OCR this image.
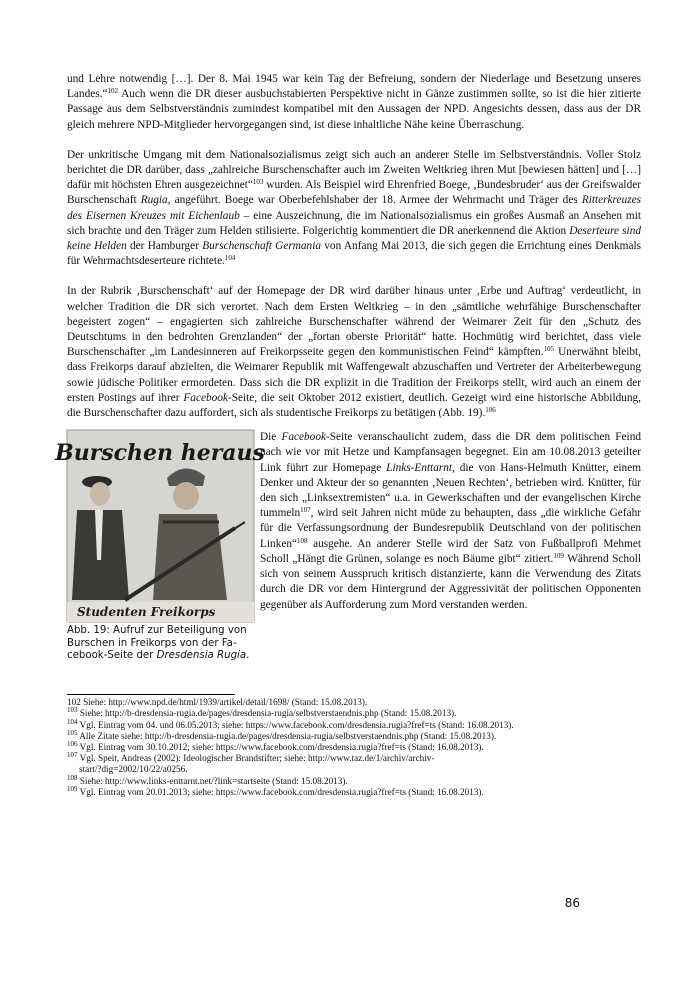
und Lehre notwendig […]. Der 8. Mai 1945 war kein Tag der Befreiung, sondern der Niederlage und Besetzung unseres Landes.“$^{102}$ Auch wenn die DR dieser ausbuchstabierten Perspektive nicht in Gänze zustimmen sollte, so ist die hier zitierte Passage aus dem Selbstverständnis zumindest kompatibel mit den Aussagen der NPD. Angesichts dessen, dass aus der DR gleich mehrere NPD-Mitglieder hervorgegangen sind, ist diese inhaltliche Nähe keine Überraschung.

Der unkritische Umgang mit dem Nationalsozialismus zeigt sich auch an anderer Stelle im Selbstverständnis. Voller Stolz berichtet die DR darüber, dass „zahlreiche Burschenschafter auch im Zweiten Weltkrieg ihren Mut [bewiesen hätten] und […] dafür mit höchsten Ehren ausgezeichnet“$^{103}$ wurden. Als Beispiel wird Ehrenfried Boege, ‚Bundesbruder‘ aus der Greifswalder Burschenschaft Rugia, angeführt. Boege war Oberbefehlshaber der 18. Armee der Wehrmacht und Träger des Ritterkreuzes des Eisernen Kreuzes mit Eichenlaub – eine Auszeichnung, die im Nationalsozialismus ein großes Ausmaß an Ansehen mit sich brachte und den Träger zum Helden stilisierte. Folgerichtig kommentiert die DR anerkennend die Aktion Deserteure sind keine Helden der Hamburger Burschenschaft Germania von Anfang Mai 2013, die sich gegen die Errichtung eines Denkmals für Wehrmachtsdeserteure richtete.$^{104}$

In der Rubrik ‚Burschenschaft‘ auf der Homepage der DR wird darüber hinaus unter ‚Erbe und Auftrag‘ verdeutlicht, in welcher Tradition die DR sich verortet. Nach dem Ersten Weltkrieg – in den „sämtliche wehrfähige Burschenschafter begeistert zogen“ – engagierten sich zahlreiche Burschenschafter während der Weimarer Zeit für den „Schutz des Deutschtums in den bedrohten Grenzlanden“ der „fortan oberste Priorität“ hatte. Hochmütig wird berichtet, dass viele Burschenschafter „im Landesinneren auf Freikorpsseite gegen den kommunistischen Feind“ kämpften.$^{105}$ Unerwähnt bleibt, dass Freikorps darauf abzielten, die Weimarer Republik mit Waffengewalt abzuschaffen und Vertreter der Arbeiterbewegung sowie jüdische Politiker ermordeten. Dass sich die DR explizit in die Tradition der Freikorps stellt, wird auch an einem der ersten Postings auf ihrer Facebook-Seite, die seit Oktober 2012 existiert, deutlich. Gezeigt wird eine historische Abbildung, die Burschenschafter dazu auffordert, sich als studentische Freikorps zu betätigen (Abb. 19).$^{106}$

Burschen heraus
Studenten Freikorps
Abb. 19: Aufruf zur Beteiligung von Burschen in Freikorps von der Facebook-Seite der Dresdensia Rugia.

Die Facebook-Seite veranschaulicht zudem, dass die DR dem politischen Feind nach wie vor mit Hetze und Kampfansagen begegnet. Ein am 10.08.2013 geteilter Link führt zur Homepage Links-Enttarnt, die von Hans-Helmuth Knütter, einem Denker und Akteur der so genannten ‚Neuen Rechten‘, betrieben wird. Knütter, für den sich „Linksextremisten“ u.a. in Gewerkschaften und der evangelischen Kirche tummeln$^{107}$, wird seit Jahren nicht müde zu behaupten, dass „die wirkliche Gefahr für die Verfassungsordnung der Bundesrepublik Deutschland von der politischen Linken“$^{108}$ ausgehe. An anderer Stelle wird der Satz von Fußballprofi Mehmet Scholl „Hängt die Grünen, solange es noch Bäume gibt“ zitiert.$^{109}$ Während Scholl sich von seinem Ausspruch kritisch distanzierte, kann die Verwendung des Zitats durch die DR vor dem Hintergrund der Aggressivität der politischen Opponenten gegenüber als Aufforderung zum Mord verstanden werden.

102 Siehe: http://www.npd.de/html/1939/artikel/detail/1698/ (Stand: 15.08.2013).

$^{103}$ Siehe: http://b-dresdensia-rugia.de/pages/dresdensia-rugia/selbstverstaendnis.php (Stand: 15.08.2013).

$^{104}$ Vgl. Eintrag vom 04. und 06.05.2013; siehe: https://www.facebook.com/dresdensia.rugia?fref=ts (Stand: 16.08.2013).

$^{105}$ Alle Zitate siehe: http://b-dresdensia-rugia.de/pages/dresdensia-rugia/selbstverstaendnis.php (Stand: 15.08.2013).

$^{106}$ Vgl. Eintrag vom 30.10.2012; siehe: https://www.facebook.com/dresdensia.rugia?fref=ts (Stand: 16.08.2013).

$^{107}$ Vgl. Speit, Andreas (2002): Ideologischer Brandstifter; siehe: http://www.taz.de/1/archiv/archiv-

start/?dig=2002/10/22/a0256.

$^{108}$ Siehe: http://www.links-enttarnt.net/?link=startseite (Stand: 15.08.2013).

$^{109}$ Vgl. Eintrag vom 20.01.2013; siehe: https://www.facebook.com/dresdensia.rugia?fref=ts (Stand: 16.08.2013).

86
